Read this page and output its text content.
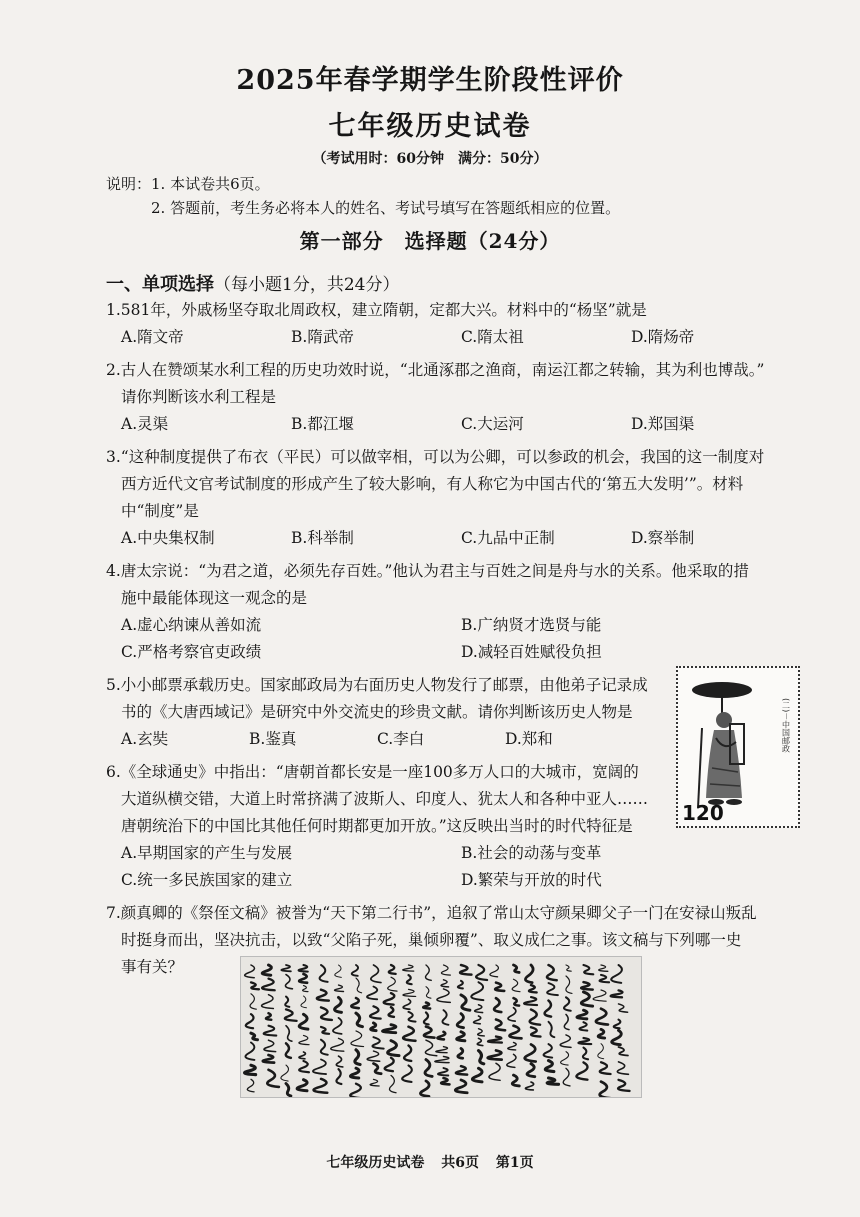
2025年春学期学生阶段性评价
七年级历史试卷
（考试用时：60分钟　满分：50分）
说明：1. 本试卷共6页。
2. 答题前，考生务必将本人的姓名、考试号填写在答题纸相应的位置。
第一部分　选择题（24分）
一、单项选择（每小题1分，共24分）
1.581年，外戚杨坚夺取北周政权，建立隋朝，定都大兴。材料中的“杨坚”就是
A.隋文帝	B.隋武帝	C.隋太祖	D.隋炀帝
2.古人在赞颂某水利工程的历史功效时说，“北通涿郡之渔商，南运江都之转输，其为利也博哉。”
请你判断该水利工程是
A.灵渠	B.都江堰	C.大运河	D.郑国渠
3.“这种制度提供了布衣（平民）可以做宰相，可以为公卿，可以参政的机会，我国的这一制度对
西方近代文官考试制度的形成产生了较大影响，有人称它为中国古代的‘第五大发明’”。材料
中“制度”是
A.中央集权制	B.科举制	C.九品中正制	D.察举制
4.唐太宗说：“为君之道，必须先存百姓。”他认为君主与百姓之间是舟与水的关系。他采取的措
施中最能体现这一观念的是
A.虚心纳谏从善如流	B.广纳贤才选贤与能
C.严格考察官吏政绩	D.减轻百姓赋役负担
5.小小邮票承载历史。国家邮政局为右面历史人物发行了邮票，由他弟子记录成
书的《大唐西域记》是研究中外交流史的珍贵文献。请你判断该历史人物是
A.玄奘	B.鉴真	C.李白	D.郑和
6.《全球通史》中指出：“唐朝首都长安是一座100多万人口的大城市，宽阔的
大道纵横交错，大道上时常挤满了波斯人、印度人、犹太人和各种中亚人……
唐朝统治下的中国比其他任何时期都更加开放。”这反映出当时的时代特征是
A.早期国家的产生与发展	B.社会的动荡与变革
C.统一多民族国家的建立	D.繁荣与开放的时代
7.颜真卿的《祭侄文稿》被誉为“天下第二行书”，追叙了常山太守颜杲卿父子一门在安禄山叛乱
时挺身而出，坚决抗击，以致“父陷子死，巢倾卵覆”、取义成仁之事。该文稿与下列哪一史
事有关？
(二)－中国邮政
120
七年级历史试卷 共6页 第1页
